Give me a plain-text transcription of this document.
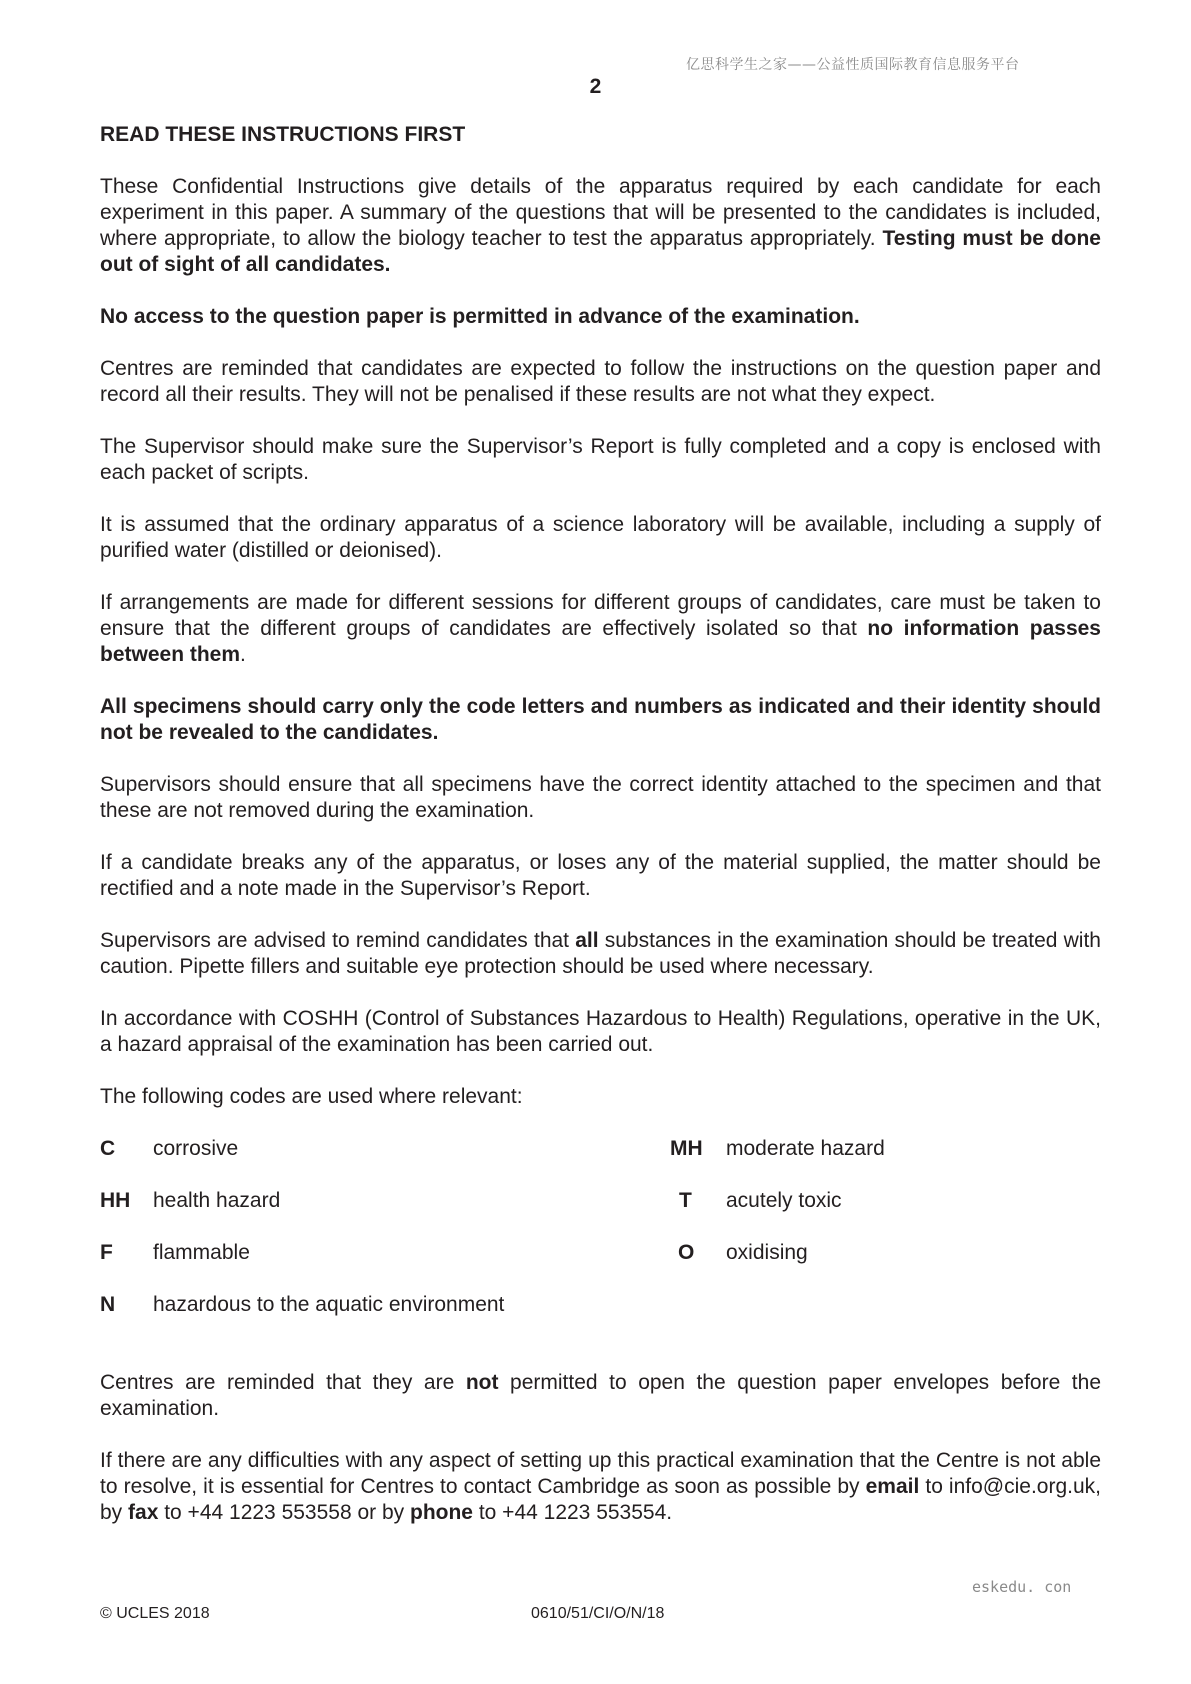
亿思科学生之家——公益性质国际教育信息服务平台
2
READ THESE INSTRUCTIONS FIRST

These Confidential Instructions give details of the apparatus required by each candidate for each experiment in this paper. A summary of the questions that will be presented to the candidates is included, where appropriate, to allow the biology teacher to test the apparatus appropriately. Testing must be done out of sight of all candidates.

No access to the question paper is permitted in advance of the examination.

Centres are reminded that candidates are expected to follow the instructions on the question paper and record all their results. They will not be penalised if these results are not what they expect.

The Supervisor should make sure the Supervisor’s Report is fully completed and a copy is enclosed with each packet of scripts.

It is assumed that the ordinary apparatus of a science laboratory will be available, including a supply of purified water (distilled or deionised).

If arrangements are made for different sessions for different groups of candidates, care must be taken to ensure that the different groups of candidates are effectively isolated so that no information passes between them.

All specimens should carry only the code letters and numbers as indicated and their identity should not be revealed to the candidates.

Supervisors should ensure that all specimens have the correct identity attached to the specimen and that these are not removed during the examination.

If a candidate breaks any of the apparatus, or loses any of the material supplied, the matter should be rectified and a note made in the Supervisor’s Report.

Supervisors are advised to remind candidates that all substances in the examination should be treated with caution. Pipette fillers and suitable eye protection should be used where necessary.

In accordance with COSHH (Control of Substances Hazardous to Health) Regulations, operative in the UK, a hazard appraisal of the examination has been carried out.

The following codes are used where relevant:

C	corrosive	MH	moderate hazard
HH	health hazard	T	acutely toxic
F	flammable	O	oxidising
N	hazardous to the aquatic environment

Centres are reminded that they are not permitted to open the question paper envelopes before the examination.

If there are any difficulties with any aspect of setting up this practical examination that the Centre is not able to resolve, it is essential for Centres to contact Cambridge as soon as possible by email to info@cie.org.uk, by fax to +44 1223 553558 or by phone to +44 1223 553554.

eskedu. con
© UCLES 2018	0610/51/CI/O/N/18
